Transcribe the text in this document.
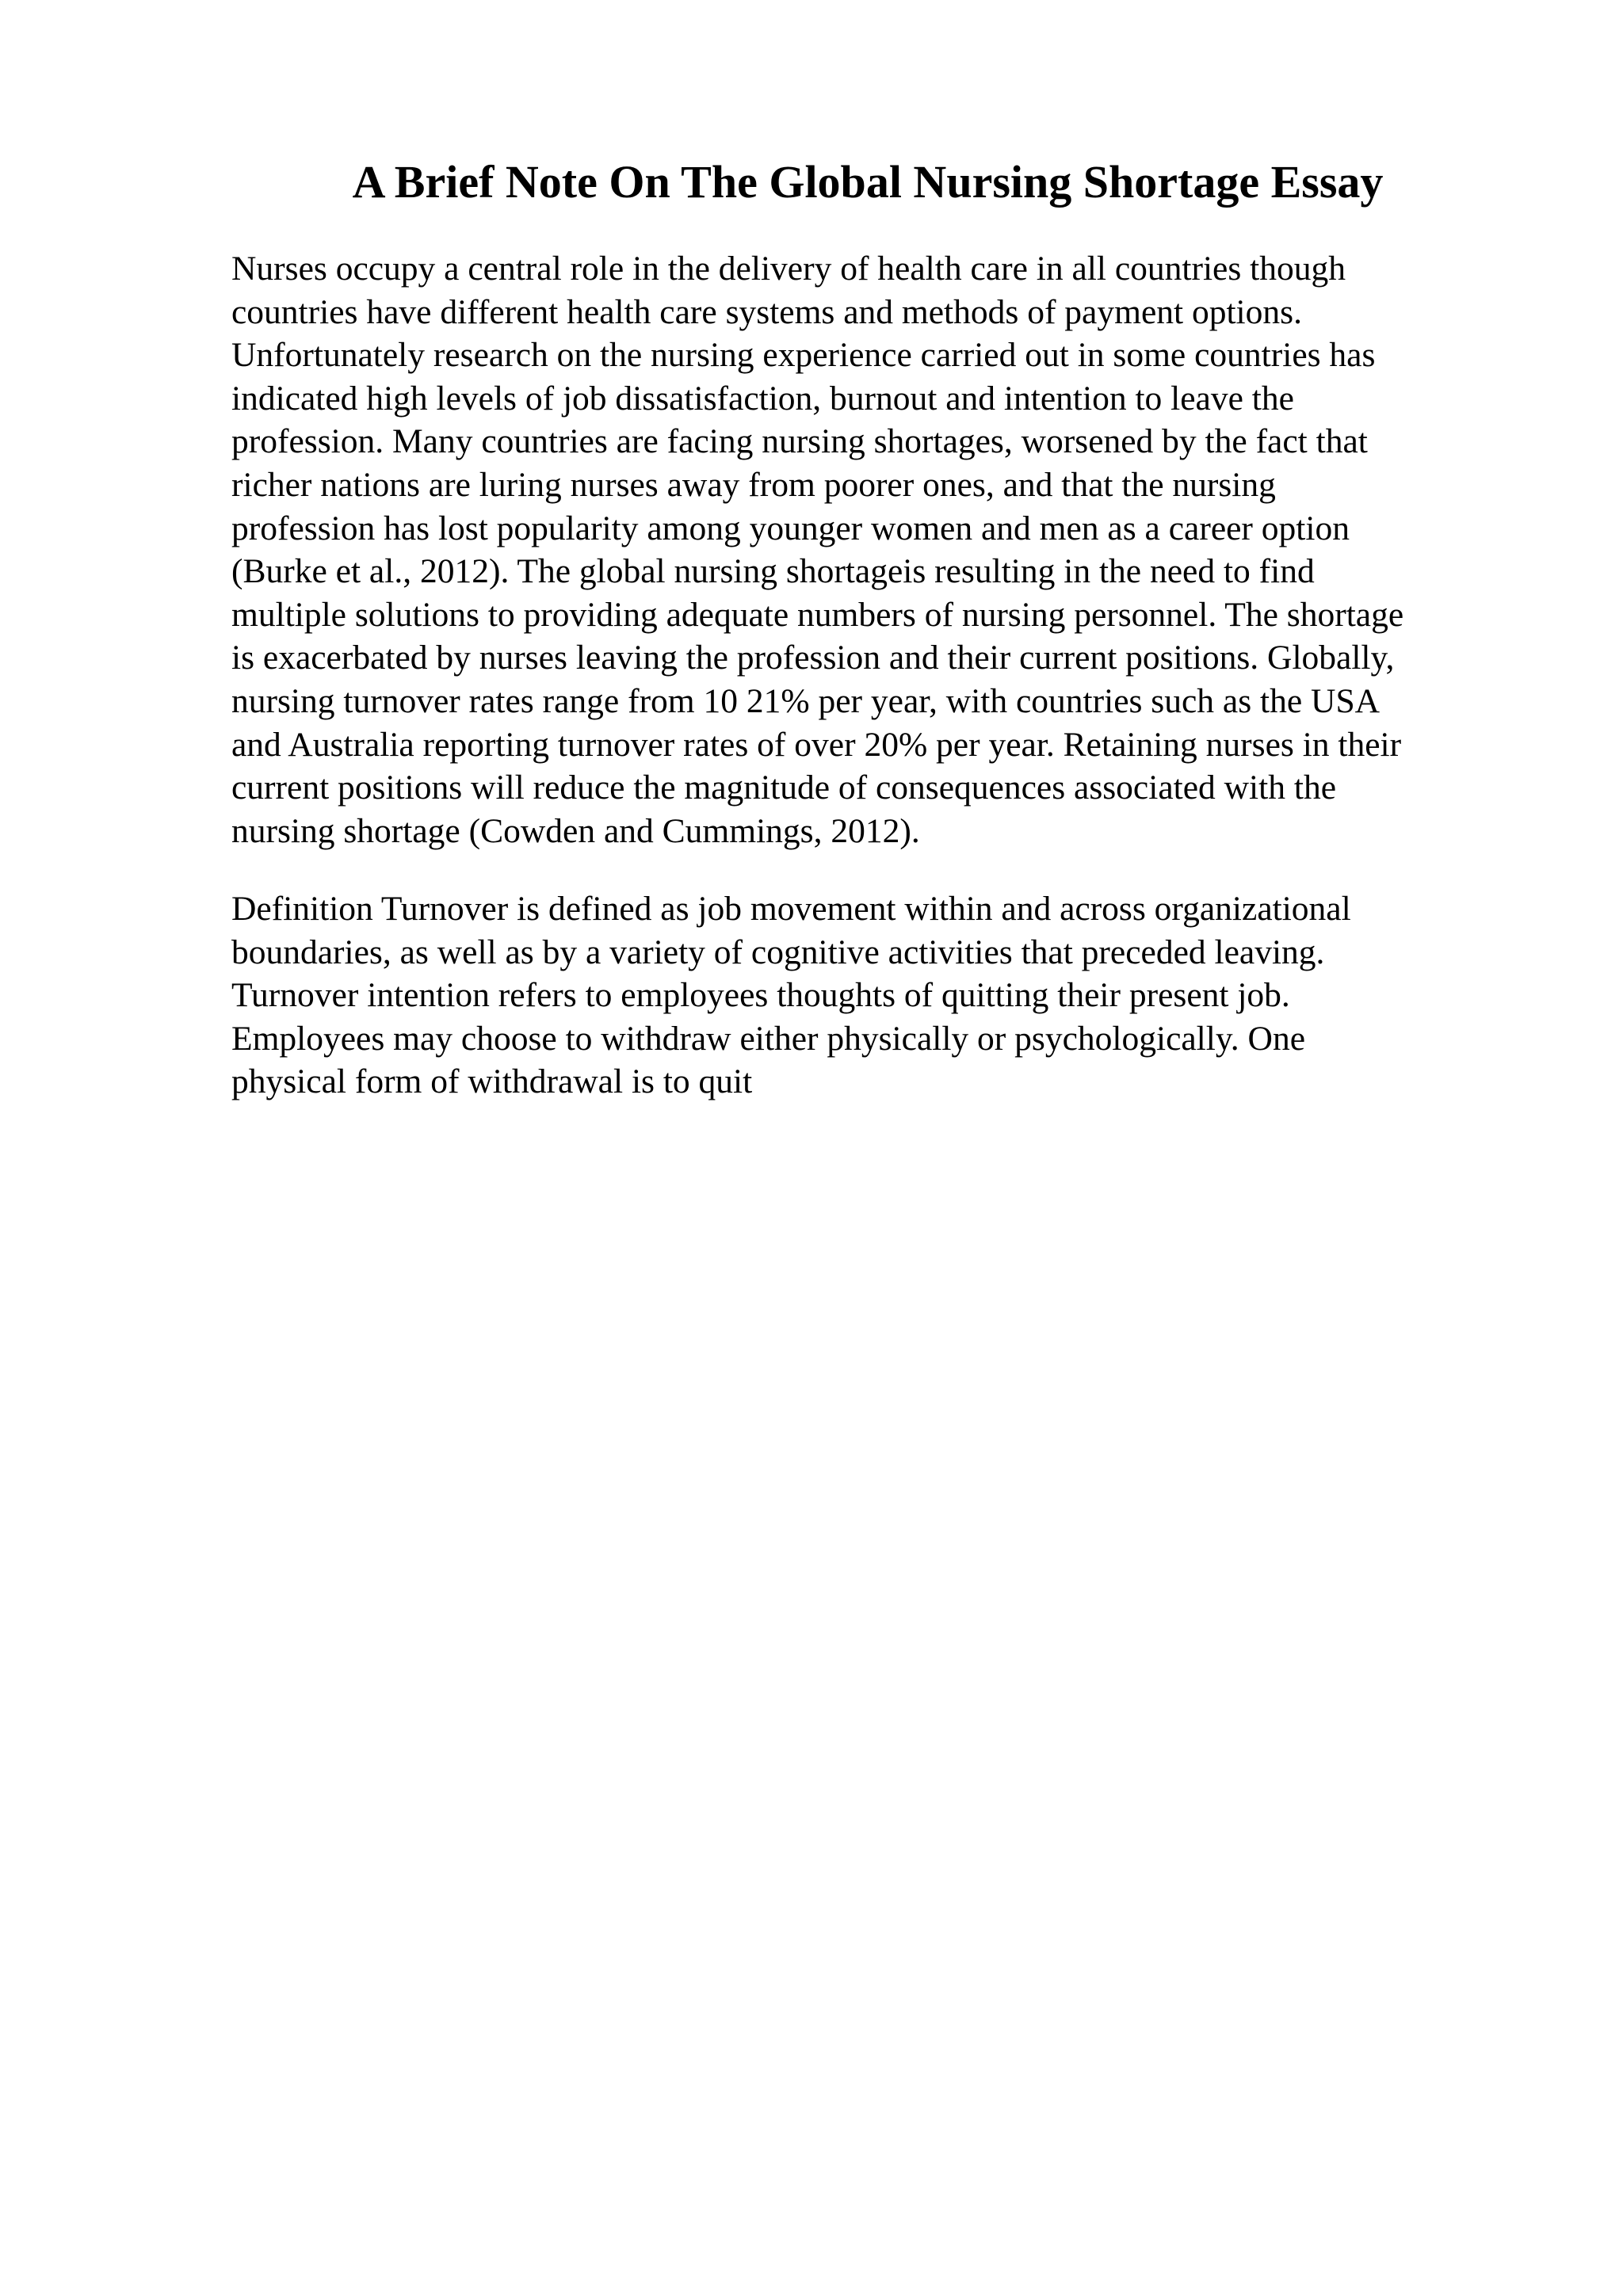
A Brief Note On The Global Nursing Shortage Essay

Nurses occupy a central role in the delivery of health care in all countries though
countries have different health care systems and methods of payment options.
Unfortunately research on the nursing experience carried out in some countries has
indicated high levels of job dissatisfaction, burnout and intention to leave the
profession. Many countries are facing nursing shortages, worsened by the fact that
richer nations are luring nurses away from poorer ones, and that the nursing
profession has lost popularity among younger women and men as a career option
(Burke et al., 2012). The global nursing shortageis resulting in the need to find
multiple solutions to providing adequate numbers of nursing personnel. The shortage
is exacerbated by nurses leaving the profession and their current positions. Globally,
nursing turnover rates range from 10 21% per year, with countries such as the USA
and Australia reporting turnover rates of over 20% per year. Retaining nurses in their
current positions will reduce the magnitude of consequences associated with the
nursing shortage (Cowden and Cummings, 2012).

Definition Turnover is defined as job movement within and across organizational
boundaries, as well as by a variety of cognitive activities that preceded leaving.
Turnover intention refers to employees thoughts of quitting their present job.
Employees may choose to withdraw either physically or psychologically. One
physical form of withdrawal is to quit
